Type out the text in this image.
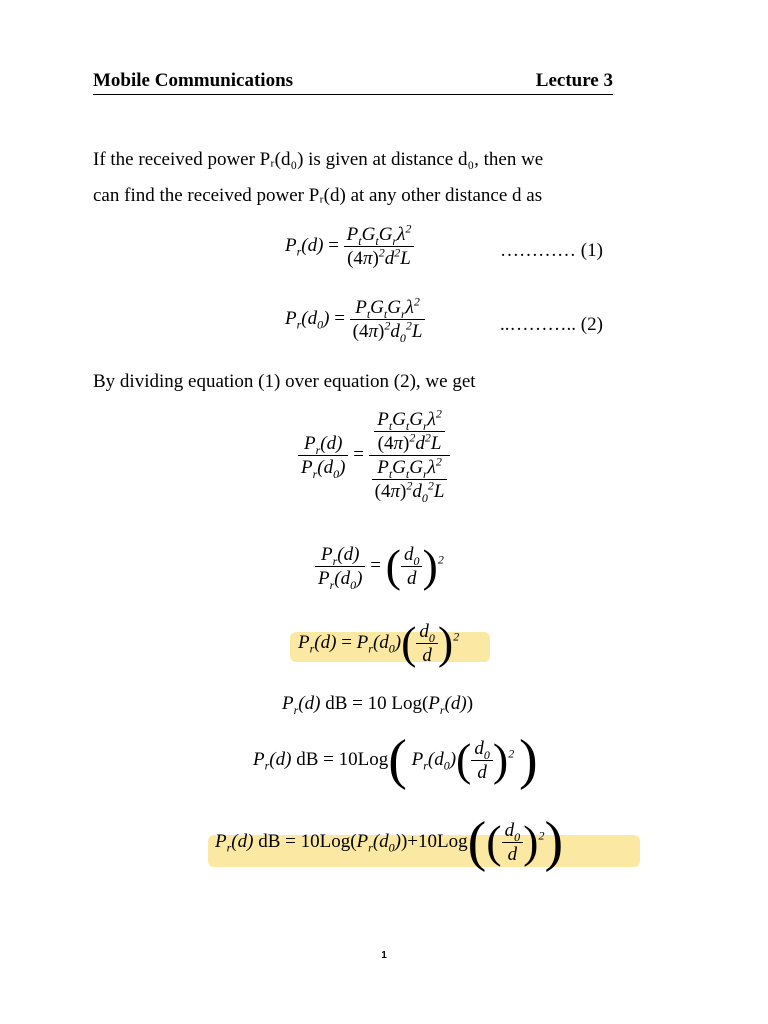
Mobile Communications	Lecture 3
If the received power Pᵣ(d₀) is given at distance d₀, then we
can find the received power Pᵣ(d) at any other distance d as
$P_r(d) = \frac{P_tG_tG_r\lambda^2}{(4\pi)^2d^2L}$	………… (1)
$P_r(d_0) = \frac{P_tG_tG_r\lambda^2}{(4\pi)^2d_0^2L}$	..……….. (2)
By dividing equation (1) over equation (2), we get
$\frac{P_r(d)}{P_r(d_0)} = \frac{\frac{P_tG_tG_r\lambda^2}{(4\pi)^2d^2L}}{\frac{P_tG_tG_r\lambda^2}{(4\pi)^2d_0^2L}}$
$\frac{P_r(d)}{P_r(d_0)}$ = ( $\frac{d_0}{d} )^2$
$P_r(d) = P_r(d_0)( \frac{d_0}{d} )^2$
$P_r(d)$ dB = 10 $Log(P_r(d))$
$P_r(d)$ dB = 10Log( $P_r(d_0)( \frac{d_0}{d} )^2$ )
$P_r(d)$ dB = $10Log(P_r(d_0))+10Log(( \frac{d_0}{d} )^2)$
1
